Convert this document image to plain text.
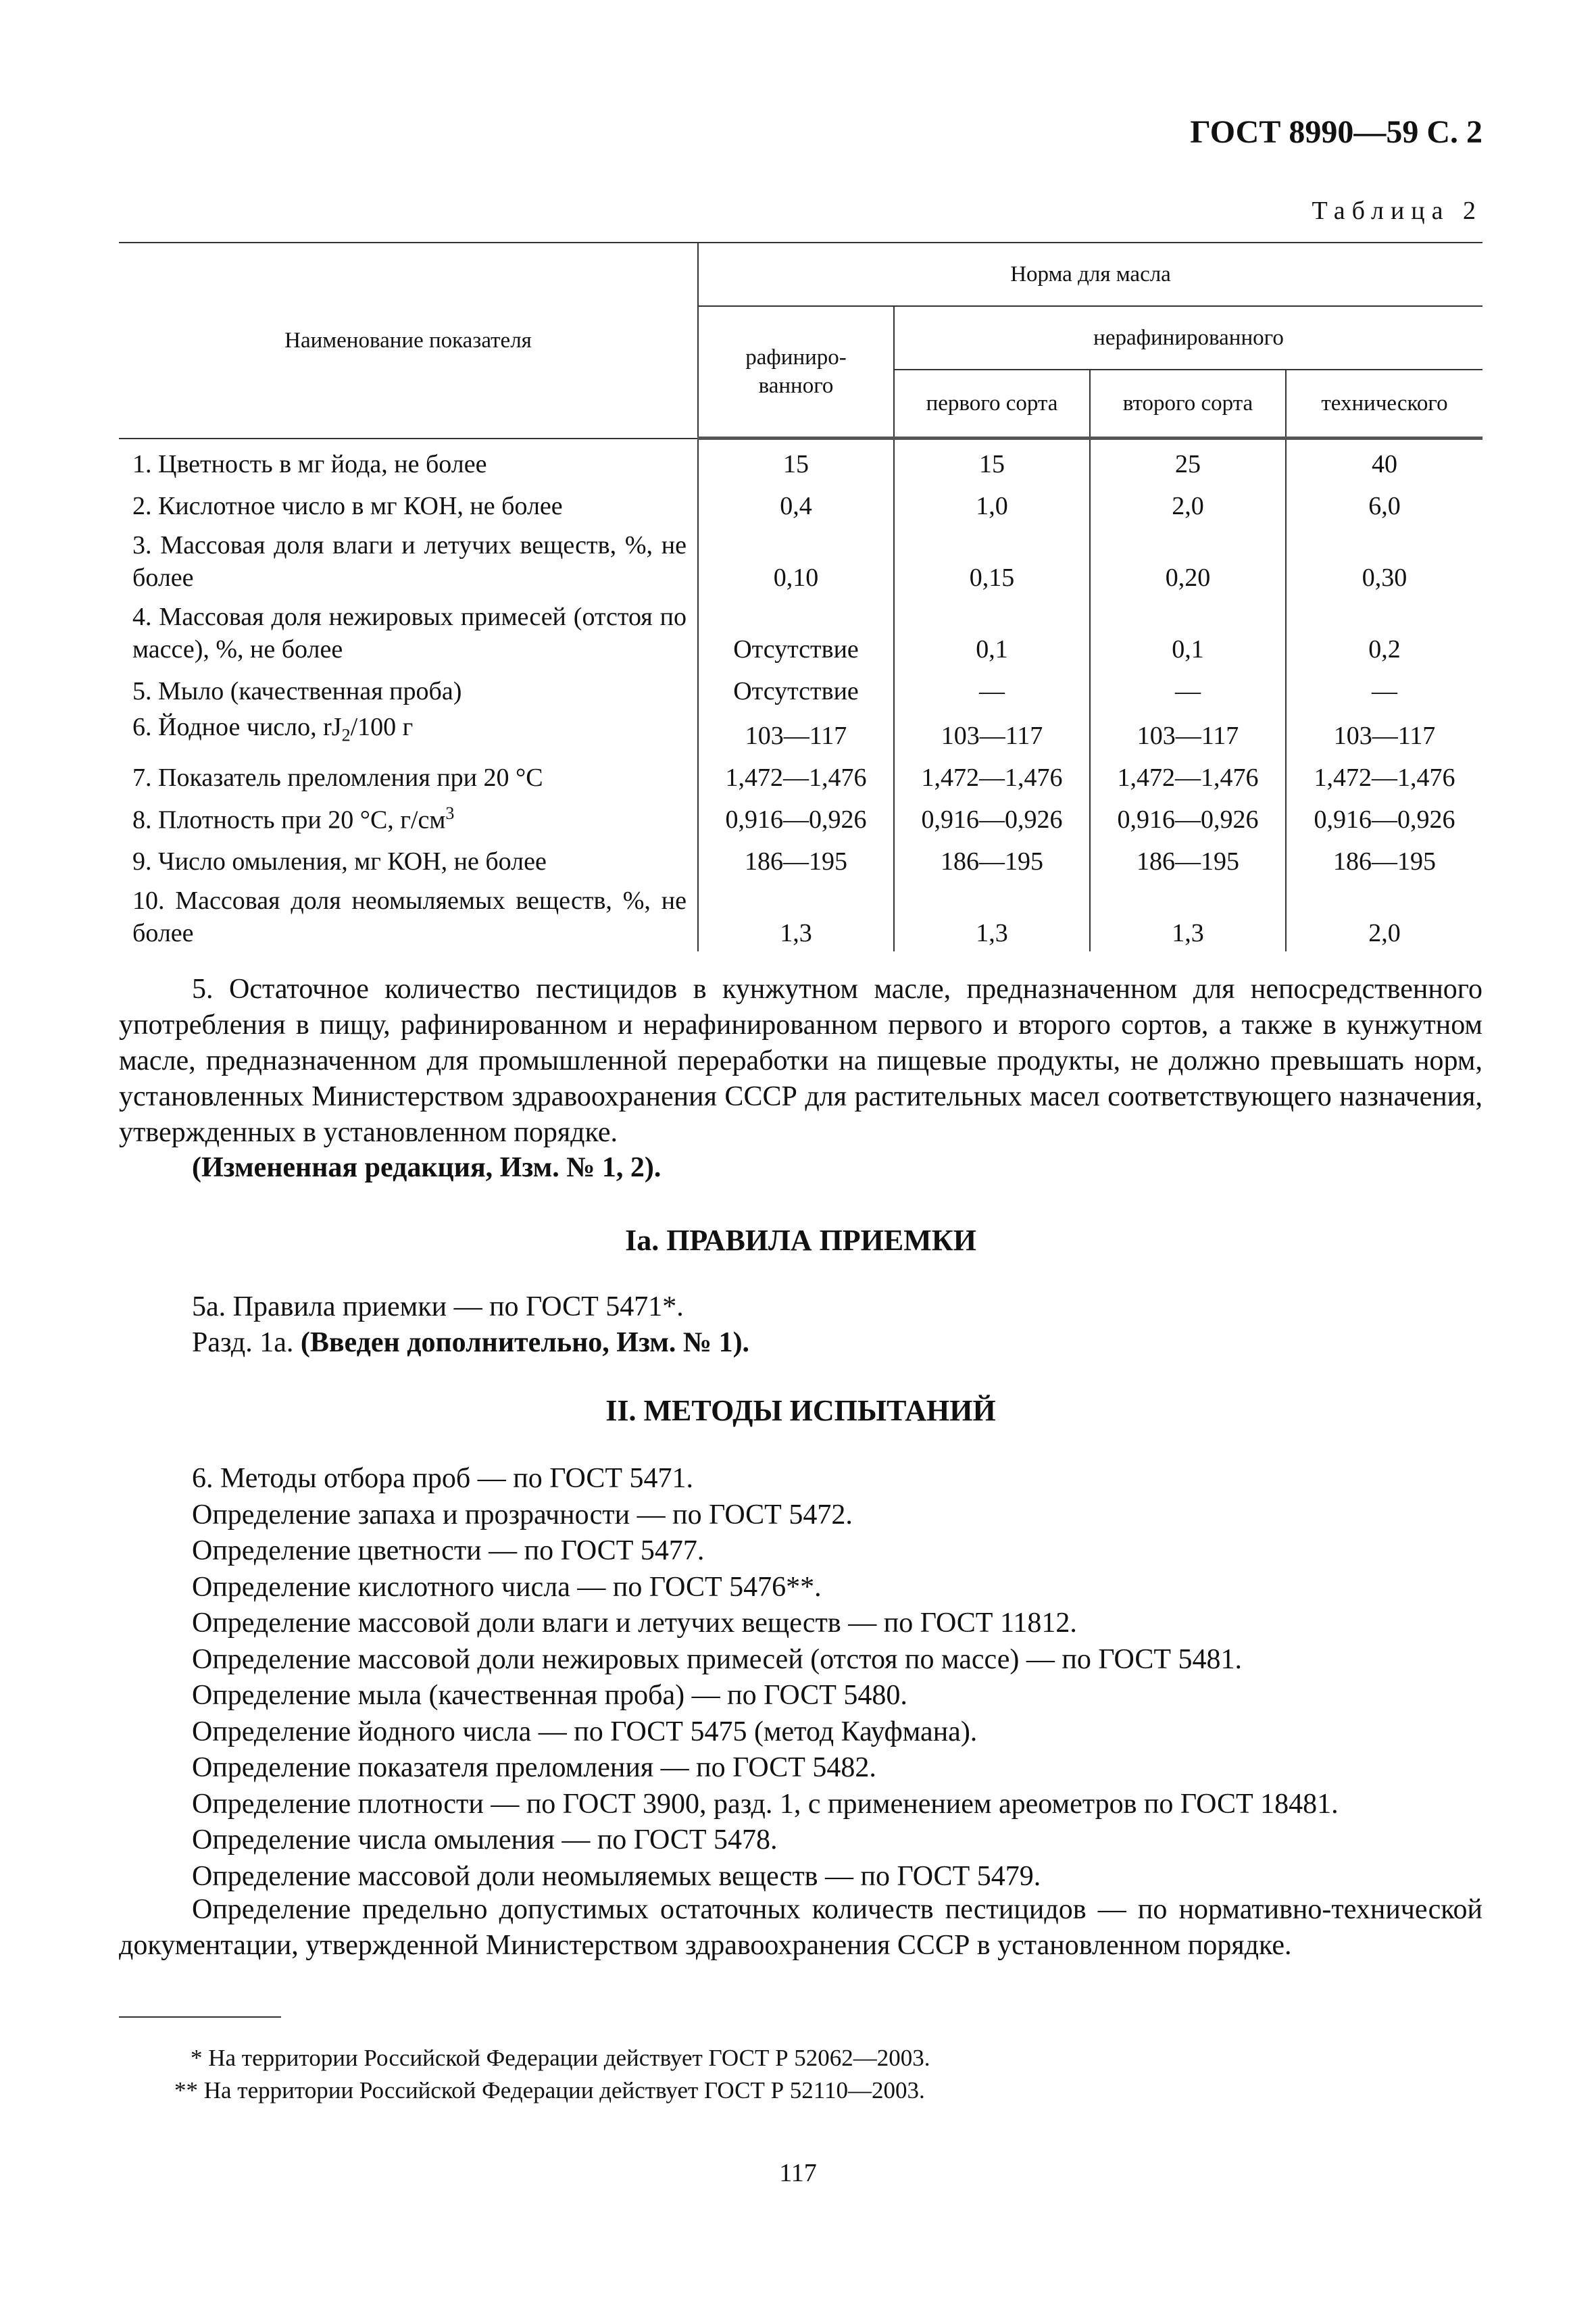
ГОСТ 8990—59 С. 2
Таблица 2
Наименование показателя	Норма для масла			
	рафиниро-ванного	нерафинированного		
		первого сорта	второго сорта	технического
1. Цветность в мг йода, не более	15	15	25	40
2. Кислотное число в мг КОН, не более	0,4	1,0	2,0	6,0
3. Массовая доля влаги и летучих веществ, %, не более	0,10	0,15	0,20	0,30
4. Массовая доля нежировых примесей (отстоя по массе), %, не более	Отсутствие	0,1	0,1	0,2
5. Мыло (качественная проба)	Отсутствие	—	—	—
6. Йодное число, $rJ_2/100$ г	103—117	103—117	103—117	103—117
7. Показатель преломления при 20 °С	1,472—1,476	1,472—1,476	1,472—1,476	1,472—1,476
8. Плотность при 20 °С, $г/см^3$	0,916—0,926	0,916—0,926	0,916—0,926	0,916—0,926
9. Число омыления, мг КОН, не более	186—195	186—195	186—195	186—195
10. Массовая доля неомыляемых веществ, %, не более	1,3	1,3	1,3	2,0
5. Остаточное количество пестицидов в кунжутном масле, предназначенном для непосредственного употребления в пищу, рафинированном и нерафинированном первого и второго сортов, а также в кунжутном масле, предназначенном для промышленной переработки на пищевые продукты, не должно превышать норм, установленных Министерством здравоохранения СССР для растительных масел соответствующего назначения, утвержденных в установленном порядке.
(Измененная редакция, Изм. № 1, 2).
Iа. ПРАВИЛА ПРИЕМКИ
5а. Правила приемки — по ГОСТ 5471*.
Разд. 1а. (Введен дополнительно, Изм. № 1).
II. МЕТОДЫ ИСПЫТАНИЙ
6. Методы отбора проб — по ГОСТ 5471.
Определение запаха и прозрачности — по ГОСТ 5472.
Определение цветности — по ГОСТ 5477.
Определение кислотного числа — по ГОСТ 5476**.
Определение массовой доли влаги и летучих веществ — по ГОСТ 11812.
Определение массовой доли нежировых примесей (отстоя по массе) — по ГОСТ 5481.
Определение мыла (качественная проба) — по ГОСТ 5480.
Определение йодного числа — по ГОСТ 5475 (метод Кауфмана).
Определение показателя преломления — по ГОСТ 5482.
Определение плотности — по ГОСТ 3900, разд. 1, с применением ареометров по ГОСТ 18481.
Определение числа омыления — по ГОСТ 5478.
Определение массовой доли неомыляемых веществ — по ГОСТ 5479.
Определение предельно допустимых остаточных количеств пестицидов — по нормативно-технической документации, утвержденной Министерством здравоохранения СССР в установленном порядке.
* На территории Российской Федерации действует ГОСТ Р 52062—2003.
** На территории Российской Федерации действует ГОСТ Р 52110—2003.
117
